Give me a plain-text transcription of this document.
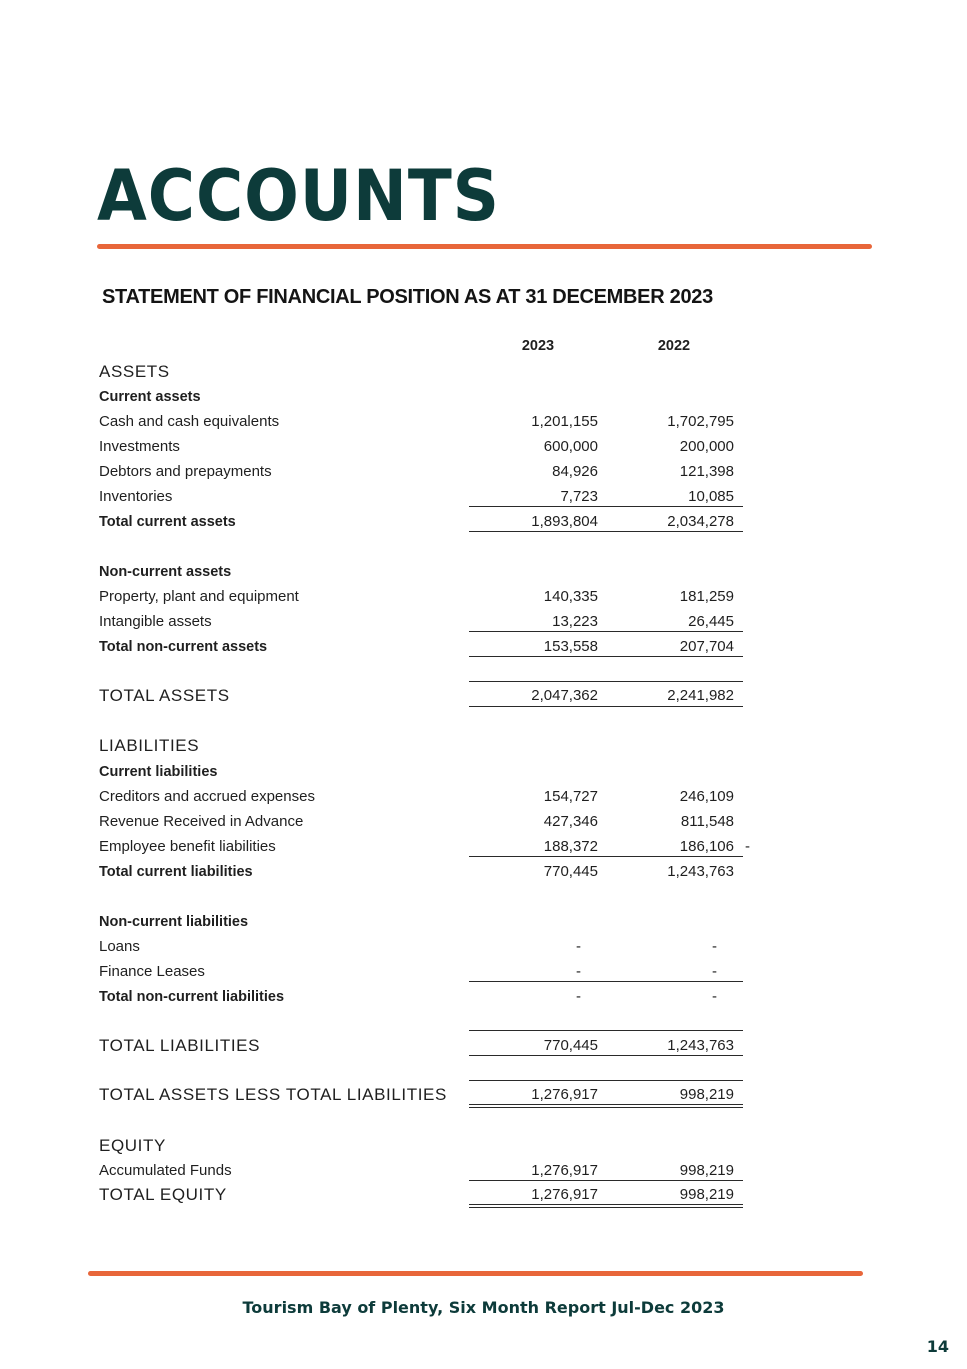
ACCOUNTS
STATEMENT OF FINANCIAL POSITION AS AT 31 DECEMBER 2023
2023	2022
ASSETS
Current assets
Cash and cash equivalents	1,201,155	1,702,795
Investments	600,000	200,000
Debtors and prepayments	84,926	121,398
Inventories	7,723	10,085
Total current assets	1,893,804	2,034,278
Non-current assets
Property, plant and equipment	140,335	181,259
Intangible assets	13,223	26,445
Total non-current assets	153,558	207,704
TOTAL ASSETS	2,047,362	2,241,982
LIABILITIES
Current liabilities
Creditors and accrued expenses	154,727	246,109
Revenue Received in Advance	427,346	811,548
Employee benefit liabilities	188,372	186,106 -
Total current liabilities	770,445	1,243,763
Non-current liabilities
Loans	-	-
Finance Leases	-	-
Total non-current liabilities	-	-
TOTAL LIABILITIES	770,445	1,243,763
TOTAL ASSETS LESS TOTAL LIABILITIES	1,276,917	998,219
EQUITY
Accumulated Funds	1,276,917	998,219
TOTAL EQUITY	1,276,917	998,219
Tourism Bay of Plenty, Six Month Report Jul-Dec 2023
14
